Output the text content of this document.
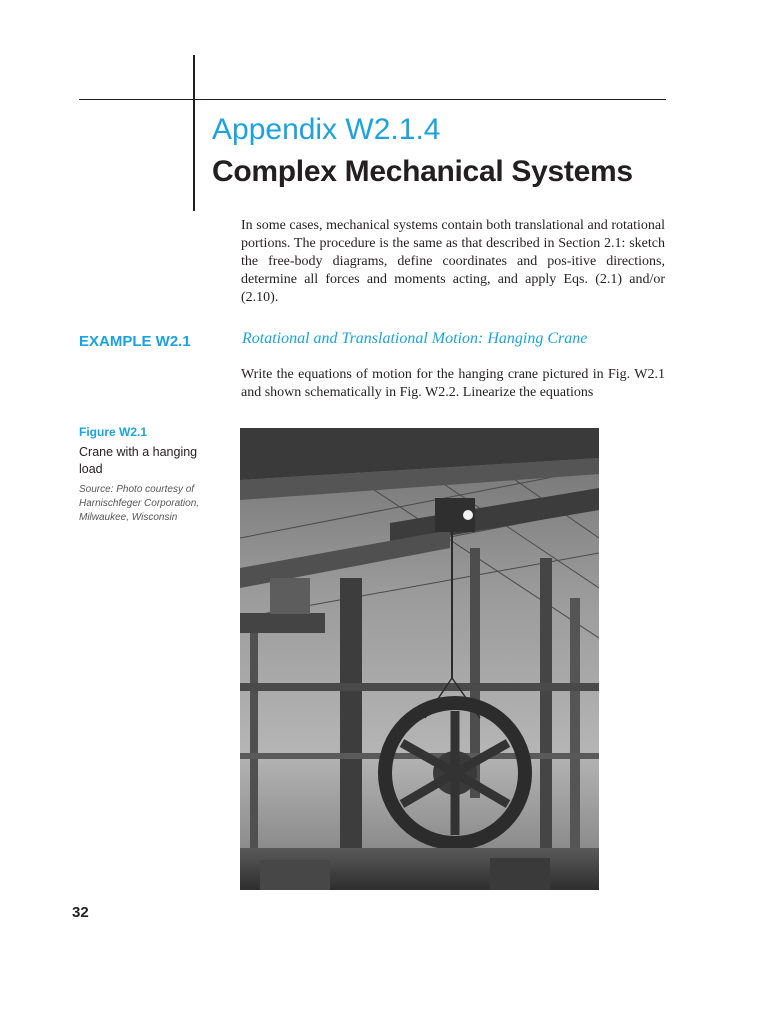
Appendix W2.1.4
Complex Mechanical Systems

In some cases, mechanical systems contain both translational and rotational portions. The procedure is the same as that described in Section 2.1: sketch the free-body diagrams, define coordinates and pos-itive directions, determine all forces and moments acting, and apply Eqs. (2.1) and/or (2.10).

EXAMPLE W2.1	Rotational and Translational Motion: Hanging Crane

Write the equations of motion for the hanging crane pictured in Fig. W2.1 and shown schematically in Fig. W2.2. Linearize the equations

Figure W2.1
Crane with a hanging load
Source: Photo courtesy of Harnischfeger Corporation, Milwaukee, Wisconsin
32
